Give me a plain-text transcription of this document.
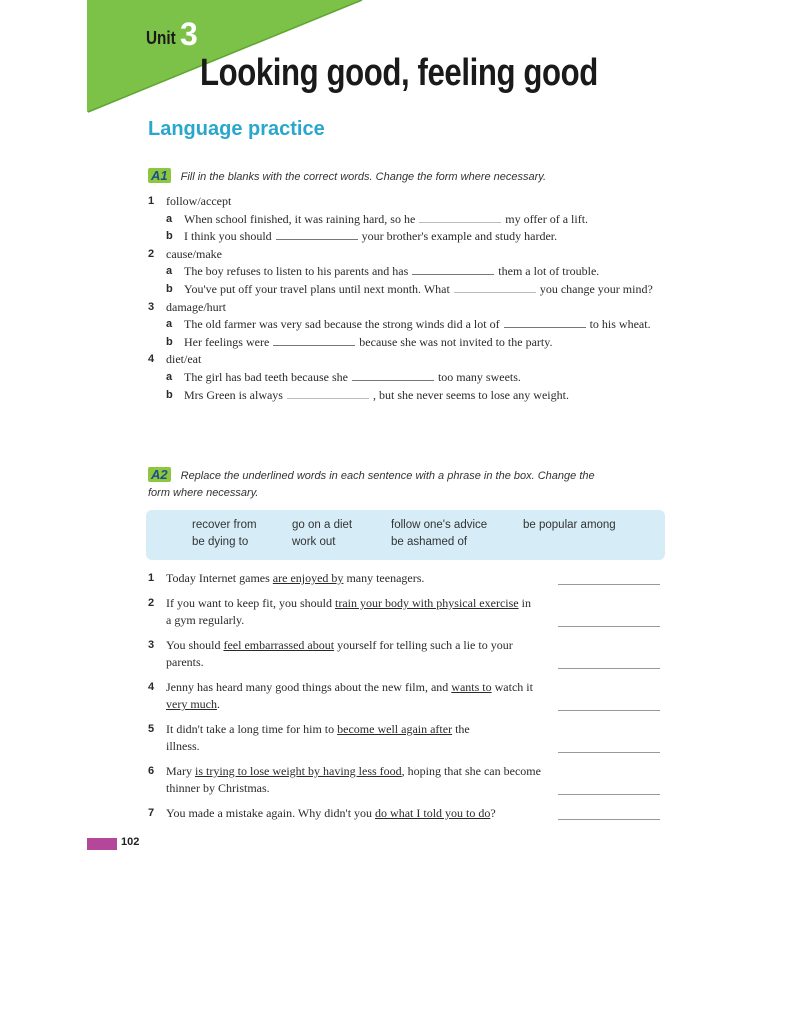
Unit 3
Looking good, feeling good
Language practice
A1 Fill in the blanks with the correct words. Change the form where necessary.
1 follow/accept
a When school finished, it was raining hard, so he	my offer of a lift.
b I think you should	your brother's example and study harder.
2 cause/make
a The boy refuses to listen to his parents and has	them a lot of trouble.
b You've put off your travel plans until next month. What	you change your mind?
3 damage/hurt
a The old farmer was very sad because the strong winds did a lot of	to his wheat.
b Her feelings were	because she was not invited to the party.
4 diet/eat
a The girl has bad teeth because she	too many sweets.
b Mrs Green is always	, but she never seems to lose any weight.
A2 Replace the underlined words in each sentence with a phrase in the box. Change the
form where necessary.
recover from	go on a diet	follow one's advice	be popular among
be dying to	work out	be ashamed of
1 Today Internet games are enjoyed by many teenagers.
2 If you want to keep fit, you should train your body with physical exercise in a gym regularly.
3 You should feel embarrassed about yourself for telling such a lie to your parents.
4 Jenny has heard many good things about the new film, and wants to watch it very much.
5 It didn't take a long time for him to become well again after the illness.
6 Mary is trying to lose weight by having less food, hoping that she can become thinner by Christmas.
7 You made a mistake again. Why didn't you do what I told you to do?
102
